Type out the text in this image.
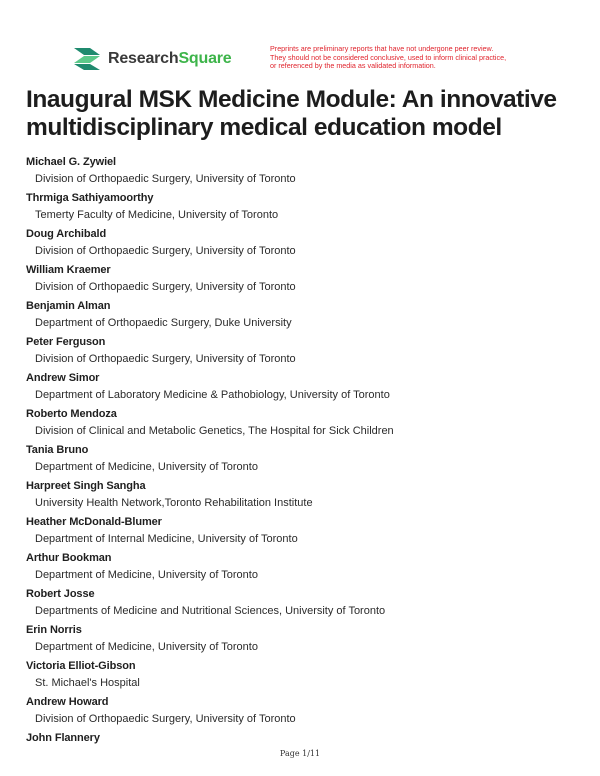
ResearchSquare
Preprints are preliminary reports that have not undergone peer review.
They should not be considered conclusive, used to inform clinical practice,
or referenced by the media as validated information.
Inaugural MSK Medicine Module: An innovative multidisciplinary medical education model
Michael G. Zywiel
Division of Orthopaedic Surgery, University of Toronto
Thrmiga Sathiyamoorthy
Temerty Faculty of Medicine, University of Toronto
Doug Archibald
Division of Orthopaedic Surgery, University of Toronto
William Kraemer
Division of Orthopaedic Surgery, University of Toronto
Benjamin Alman
Department of Orthopaedic Surgery, Duke University
Peter Ferguson
Division of Orthopaedic Surgery, University of Toronto
Andrew Simor
Department of Laboratory Medicine & Pathobiology, University of Toronto
Roberto Mendoza
Division of Clinical and Metabolic Genetics, The Hospital for Sick Children
Tania Bruno
Department of Medicine, University of Toronto
Harpreet Singh Sangha
University Health Network,Toronto Rehabilitation Institute
Heather McDonald-Blumer
Department of Internal Medicine, University of Toronto
Arthur Bookman
Department of Medicine, University of Toronto
Robert Josse
Departments of Medicine and Nutritional Sciences, University of Toronto
Erin Norris
Department of Medicine, University of Toronto
Victoria Elliot-Gibson
St. Michael's Hospital
Andrew Howard
Division of Orthopaedic Surgery, University of Toronto
John Flannery
Page 1/11
